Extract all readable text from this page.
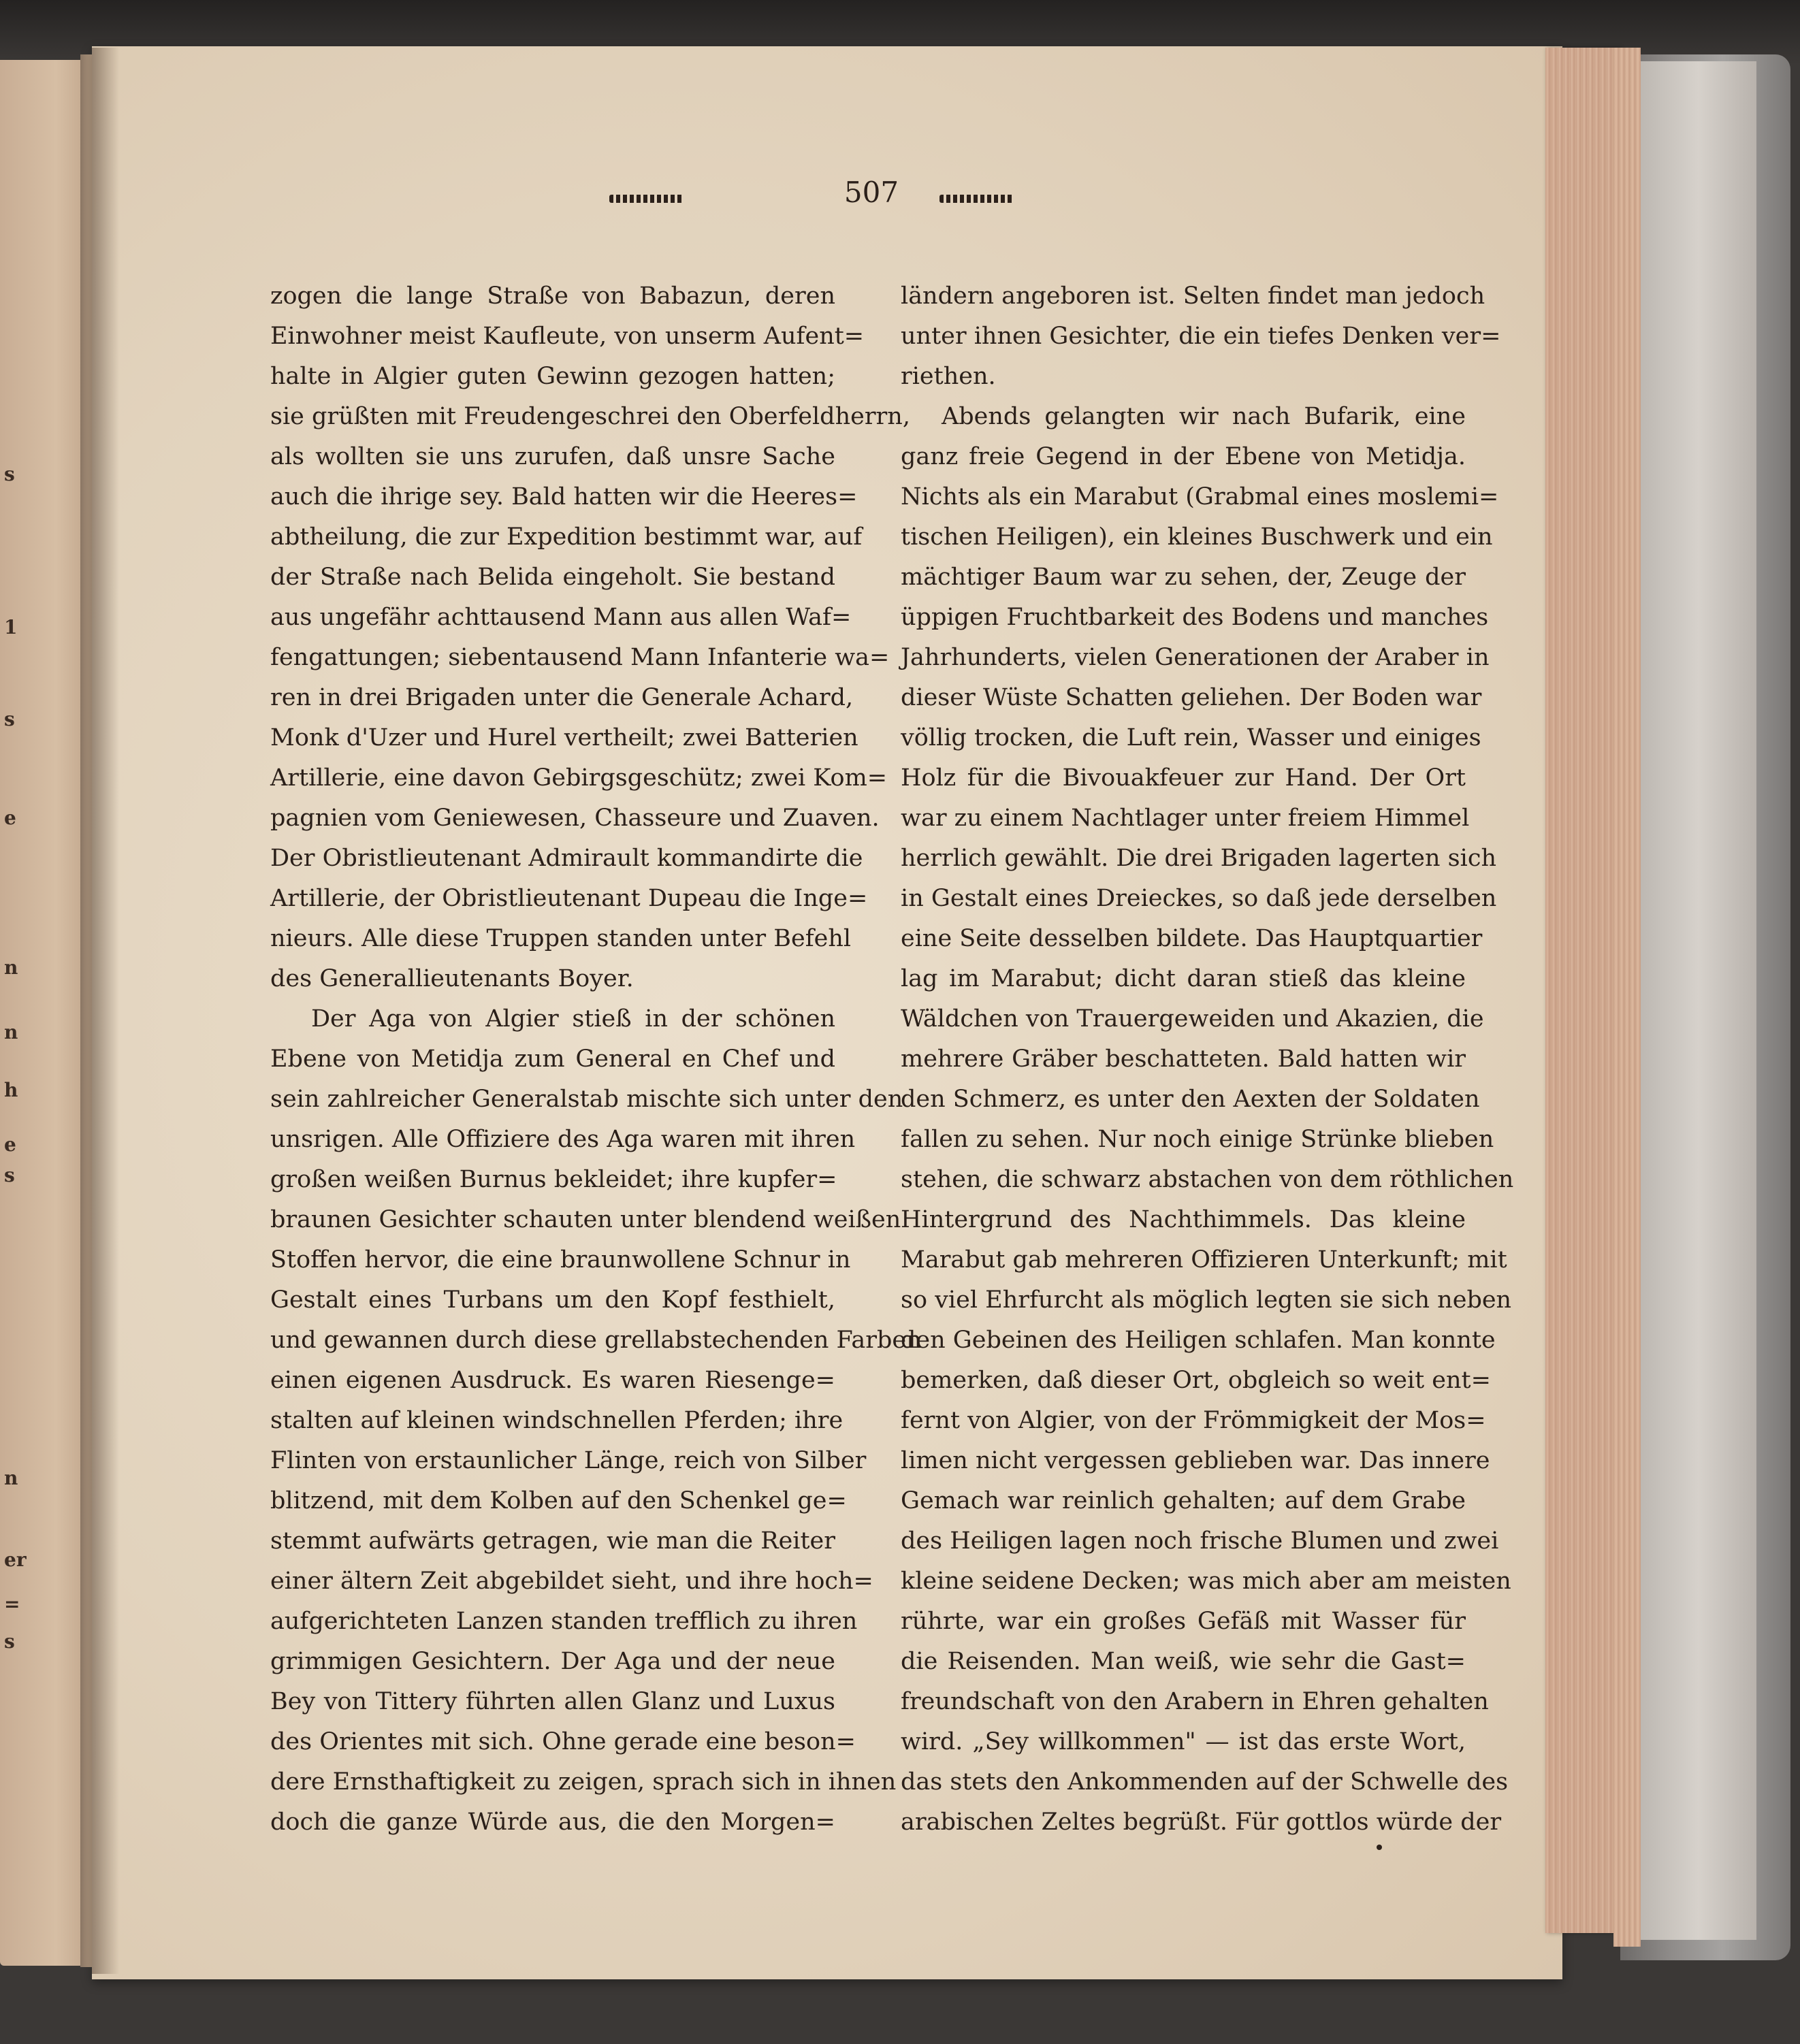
s
1
s
e
n
n
h
e
s
n
er
=
s
507
zogen die lange Straße von Babazun, deren
Einwohner meist Kaufleute, von unserm Aufent=
halte in Algier guten Gewinn gezogen hatten;
sie grüßten mit Freudengeschrei den Oberfeldherrn,
als wollten sie uns zurufen, daß unsre Sache
auch die ihrige sey. Bald hatten wir die Heeres=
abtheilung, die zur Expedition bestimmt war, auf
der Straße nach Belida eingeholt. Sie bestand
aus ungefähr achttausend Mann aus allen Waf=
fengattungen; siebentausend Mann Infanterie wa=
ren in drei Brigaden unter die Generale Achard,
Monk d'Uzer und Hurel vertheilt; zwei Batterien
Artillerie, eine davon Gebirgsgeschütz; zwei Kom=
pagnien vom Geniewesen, Chasseure und Zuaven.
Der Obristlieutenant Admirault kommandirte die
Artillerie, der Obristlieutenant Dupeau die Inge=
nieurs. Alle diese Truppen standen unter Befehl
des Generallieutenants Boyer.
Der Aga von Algier stieß in der schönen
Ebene von Metidja zum General en Chef und
sein zahlreicher Generalstab mischte sich unter den
unsrigen. Alle Offiziere des Aga waren mit ihren
großen weißen Burnus bekleidet; ihre kupfer=
braunen Gesichter schauten unter blendend weißen
Stoffen hervor, die eine braunwollene Schnur in
Gestalt eines Turbans um den Kopf festhielt,
und gewannen durch diese grellabstechenden Farben
einen eigenen Ausdruck. Es waren Riesenge=
stalten auf kleinen windschnellen Pferden; ihre
Flinten von erstaunlicher Länge, reich von Silber
blitzend, mit dem Kolben auf den Schenkel ge=
stemmt aufwärts getragen, wie man die Reiter
einer ältern Zeit abgebildet sieht, und ihre hoch=
aufgerichteten Lanzen standen trefflich zu ihren
grimmigen Gesichtern. Der Aga und der neue
Bey von Tittery führten allen Glanz und Luxus
des Orientes mit sich. Ohne gerade eine beson=
dere Ernsthaftigkeit zu zeigen, sprach sich in ihnen
doch die ganze Würde aus, die den Morgen=
ländern angeboren ist. Selten findet man jedoch
unter ihnen Gesichter, die ein tiefes Denken ver=
riethen.
Abends gelangten wir nach Bufarik, eine
ganz freie Gegend in der Ebene von Metidja.
Nichts als ein Marabut (Grabmal eines moslemi=
tischen Heiligen), ein kleines Buschwerk und ein
mächtiger Baum war zu sehen, der, Zeuge der
üppigen Fruchtbarkeit des Bodens und manches
Jahrhunderts, vielen Generationen der Araber in
dieser Wüste Schatten geliehen. Der Boden war
völlig trocken, die Luft rein, Wasser und einiges
Holz für die Bivouakfeuer zur Hand. Der Ort
war zu einem Nachtlager unter freiem Himmel
herrlich gewählt. Die drei Brigaden lagerten sich
in Gestalt eines Dreieckes, so daß jede derselben
eine Seite desselben bildete. Das Hauptquartier
lag im Marabut; dicht daran stieß das kleine
Wäldchen von Trauergeweiden und Akazien, die
mehrere Gräber beschatteten. Bald hatten wir
den Schmerz, es unter den Aexten der Soldaten
fallen zu sehen. Nur noch einige Strünke blieben
stehen, die schwarz abstachen von dem röthlichen
Hintergrund des Nachthimmels. Das kleine
Marabut gab mehreren Offizieren Unterkunft; mit
so viel Ehrfurcht als möglich legten sie sich neben
den Gebeinen des Heiligen schlafen. Man konnte
bemerken, daß dieser Ort, obgleich so weit ent=
fernt von Algier, von der Frömmigkeit der Mos=
limen nicht vergessen geblieben war. Das innere
Gemach war reinlich gehalten; auf dem Grabe
des Heiligen lagen noch frische Blumen und zwei
kleine seidene Decken; was mich aber am meisten
rührte, war ein großes Gefäß mit Wasser für
die Reisenden. Man weiß, wie sehr die Gast=
freundschaft von den Arabern in Ehren gehalten
wird. „Sey willkommen" — ist das erste Wort,
das stets den Ankommenden auf der Schwelle des
arabischen Zeltes begrüßt. Für gottlos würde der
